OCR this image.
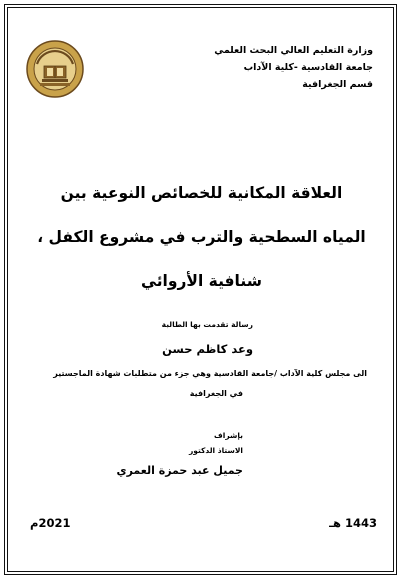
وزارة التعليم العالي البحث العلمي
جامعة القادسية -كلية الآداب
قسم الجغرافية
العلاقة المكانية للخصائص النوعية بين
المياه السطحية والترب في مشروع الكفل ،
شنافية الأروائي
رسالة تقدمت بها الطالبة
وعد كاظم حسن
الى مجلس كلية الآداب /جامعة القادسية وهي جزء من متطلبات شهادة الماجستير
في الجغرافية
بإشراف
الاستاذ الدكتور
جميل عبد حمزة العمري
1443 هـ
2021م
